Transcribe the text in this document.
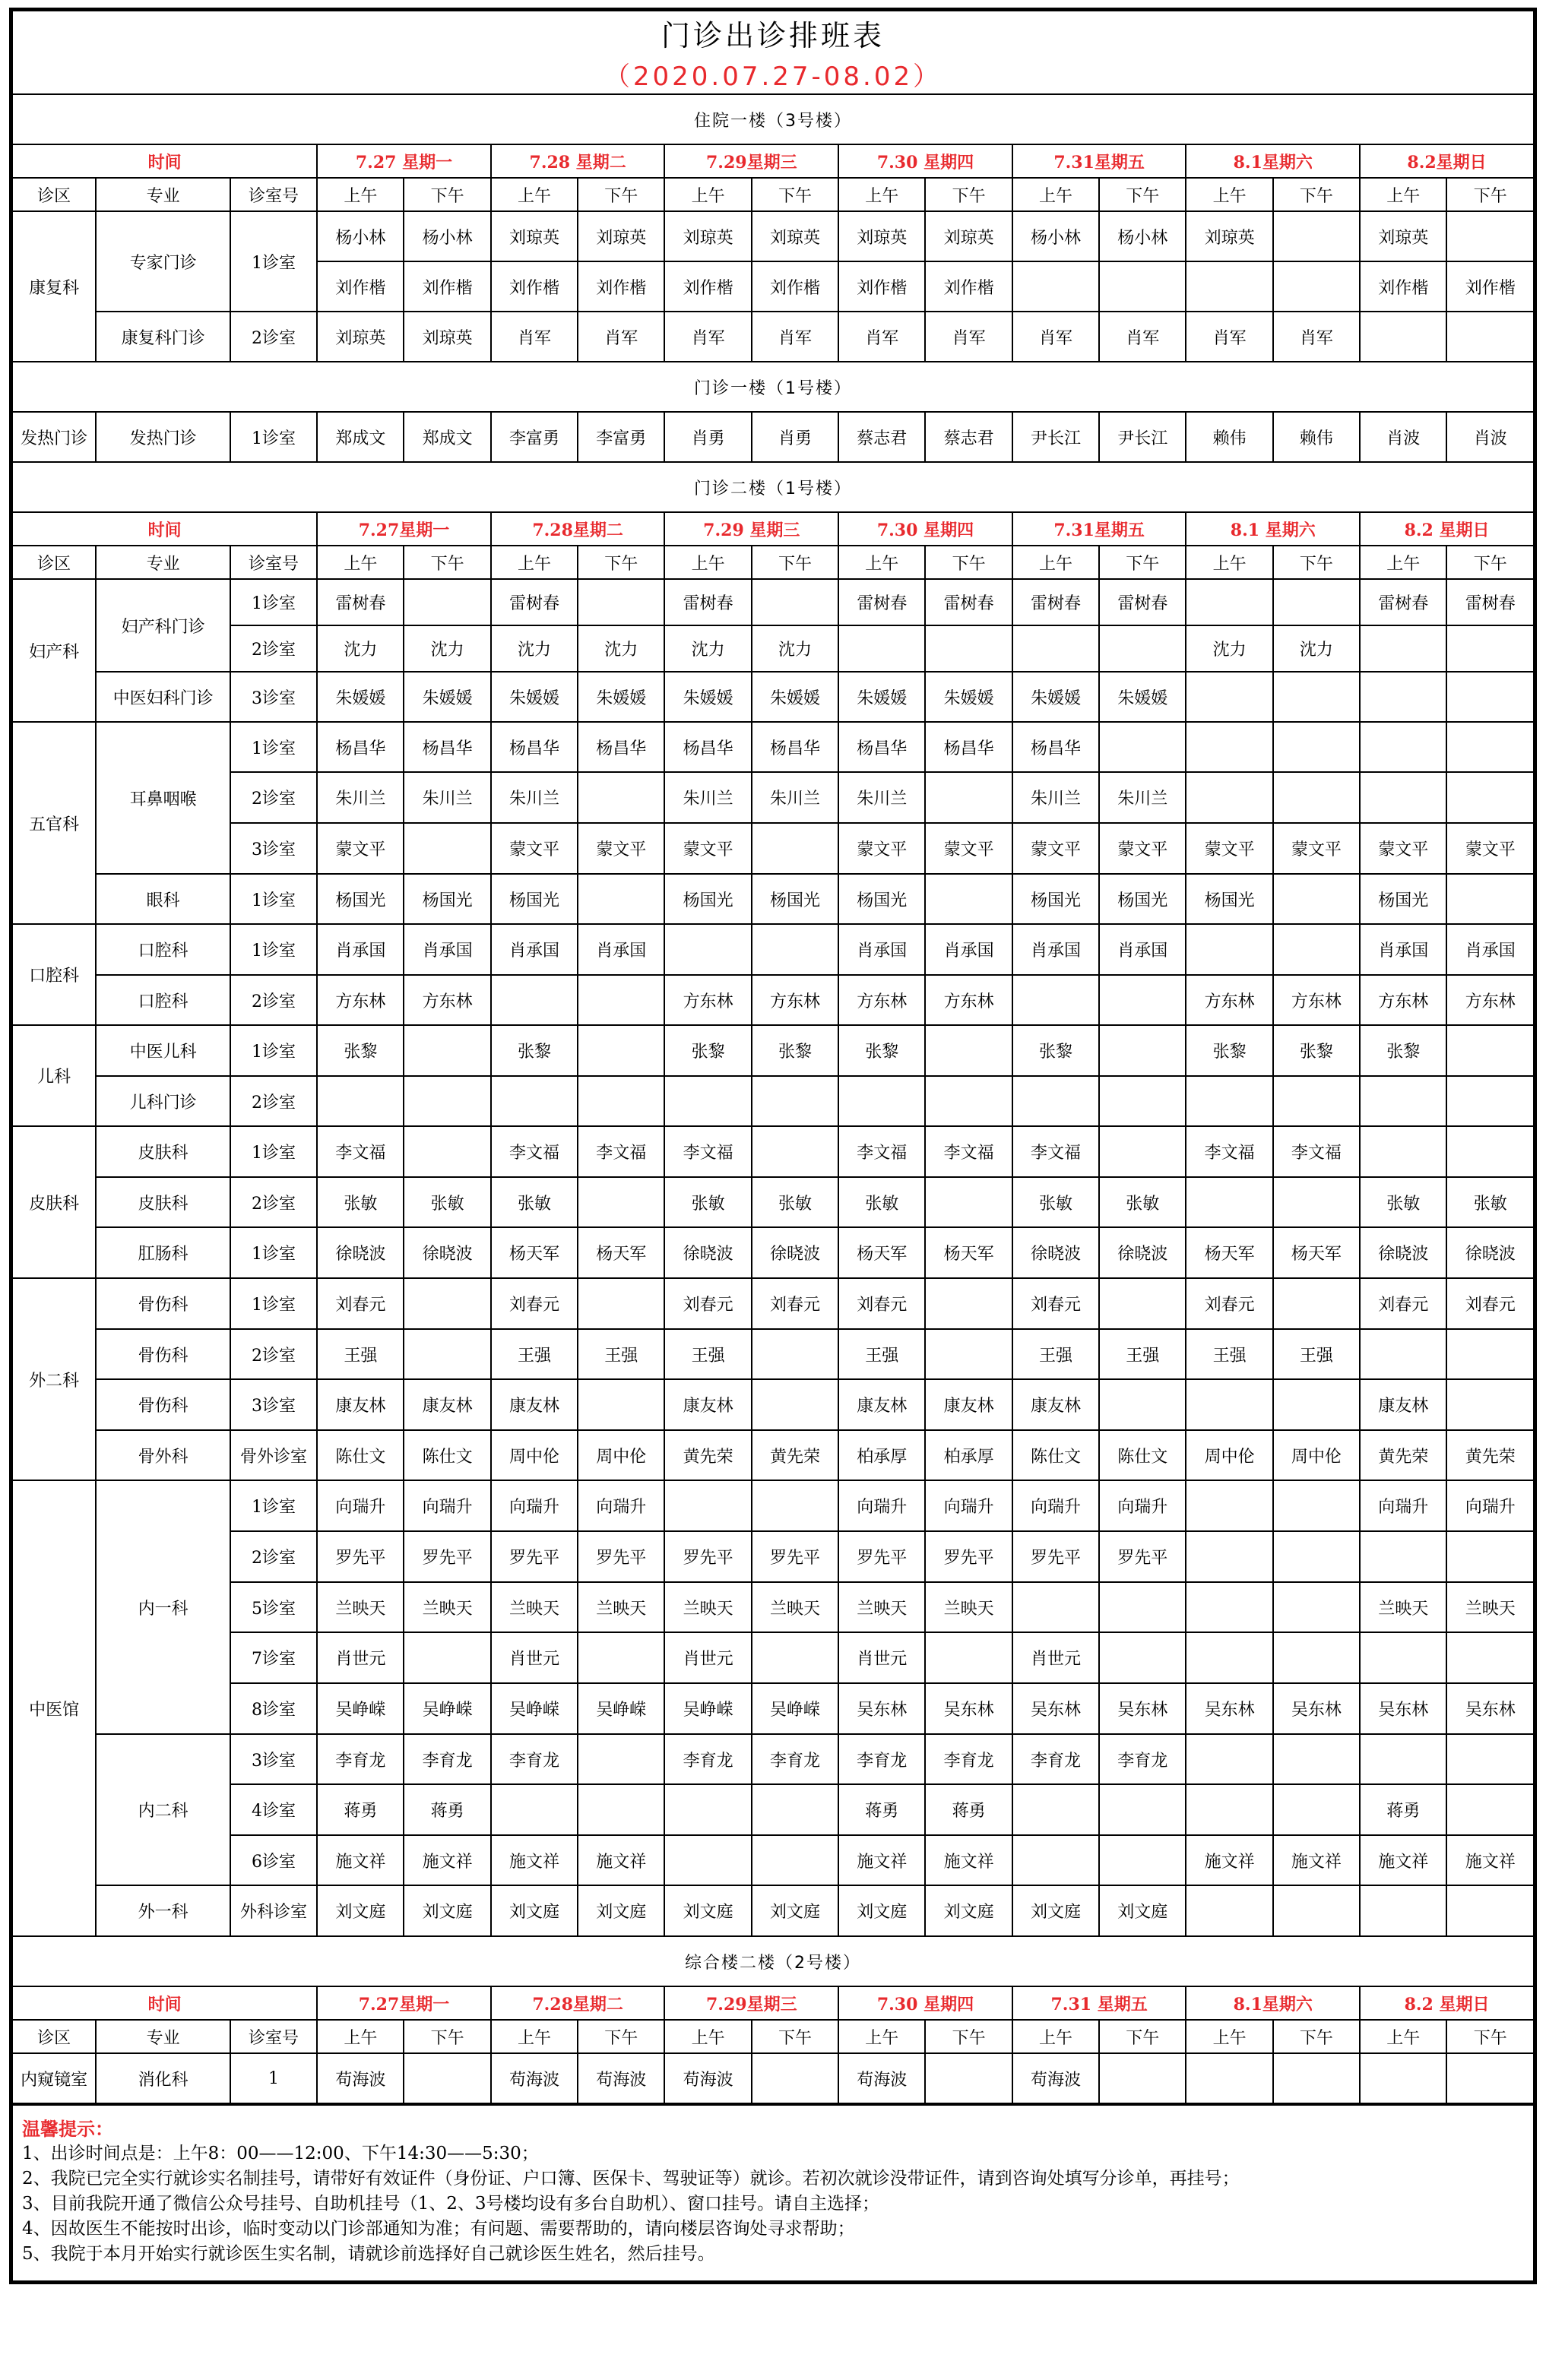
门诊出诊排班表																
（2020.07.27-08.02）																
住院一楼（3号楼）																
时间			7.27 星期一		7.28 星期二		7.29星期三		7.30 星期四		7.31星期五		8.1星期六		8.2星期日	
诊区	专业	诊室号	上午	下午	上午	下午	上午	下午	上午	下午	上午	下午	上午	下午	上午	下午
康复科	专家门诊	1诊室	杨小林	杨小林	刘琼英	刘琼英	刘琼英	刘琼英	刘琼英	刘琼英	杨小林	杨小林	刘琼英		刘琼英	
			刘作楷	刘作楷	刘作楷	刘作楷	刘作楷	刘作楷	刘作楷	刘作楷					刘作楷	刘作楷
	康复科门诊	2诊室	刘琼英	刘琼英	肖军	肖军	肖军	肖军	肖军	肖军	肖军	肖军	肖军	肖军		
门诊一楼（1号楼）																
发热门诊	发热门诊	1诊室	郑成文	郑成文	李富勇	李富勇	肖勇	肖勇	蔡志君	蔡志君	尹长江	尹长江	赖伟	赖伟	肖波	肖波
门诊二楼（1号楼）																
时间			7.27星期一		7.28星期二		7.29 星期三		7.30 星期四		7.31星期五		8.1 星期六		8.2 星期日	
诊区	专业	诊室号	上午	下午	上午	下午	上午	下午	上午	下午	上午	下午	上午	下午	上午	下午
妇产科	妇产科门诊	1诊室	雷树春		雷树春		雷树春		雷树春	雷树春	雷树春	雷树春			雷树春	雷树春
		2诊室	沈力	沈力	沈力	沈力	沈力	沈力					沈力	沈力		
	中医妇科门诊	3诊室	朱媛媛	朱媛媛	朱媛媛	朱媛媛	朱媛媛	朱媛媛	朱媛媛	朱媛媛	朱媛媛	朱媛媛				
五官科	耳鼻咽喉	1诊室	杨昌华	杨昌华	杨昌华	杨昌华	杨昌华	杨昌华	杨昌华	杨昌华	杨昌华					
		2诊室	朱川兰	朱川兰	朱川兰		朱川兰	朱川兰	朱川兰		朱川兰	朱川兰				
		3诊室	蒙文平		蒙文平	蒙文平	蒙文平		蒙文平	蒙文平	蒙文平	蒙文平	蒙文平	蒙文平	蒙文平	蒙文平
	眼科	1诊室	杨国光	杨国光	杨国光		杨国光	杨国光	杨国光		杨国光	杨国光	杨国光		杨国光	
口腔科	口腔科	1诊室	肖承国	肖承国	肖承国	肖承国			肖承国	肖承国	肖承国	肖承国			肖承国	肖承国
	口腔科	2诊室	方东林	方东林			方东林	方东林	方东林	方东林			方东林	方东林	方东林	方东林
儿科	中医儿科	1诊室	张黎		张黎		张黎	张黎	张黎		张黎		张黎	张黎	张黎	
	儿科门诊	2诊室														
皮肤科	皮肤科	1诊室	李文福		李文福	李文福	李文福		李文福	李文福	李文福		李文福	李文福		
	皮肤科	2诊室	张敏	张敏	张敏		张敏	张敏	张敏		张敏	张敏			张敏	张敏
	肛肠科	1诊室	徐晓波	徐晓波	杨天军	杨天军	徐晓波	徐晓波	杨天军	杨天军	徐晓波	徐晓波	杨天军	杨天军	徐晓波	徐晓波
外二科	骨伤科	1诊室	刘春元		刘春元		刘春元	刘春元	刘春元		刘春元		刘春元		刘春元	刘春元
	骨伤科	2诊室	王强		王强	王强	王强		王强		王强	王强	王强	王强		
	骨伤科	3诊室	康友林	康友林	康友林		康友林		康友林	康友林	康友林				康友林	
	骨外科	骨外诊室	陈仕文	陈仕文	周中伦	周中伦	黄先荣	黄先荣	柏承厚	柏承厚	陈仕文	陈仕文	周中伦	周中伦	黄先荣	黄先荣
中医馆	内一科	1诊室	向瑞升	向瑞升	向瑞升	向瑞升			向瑞升	向瑞升	向瑞升	向瑞升			向瑞升	向瑞升
		2诊室	罗先平	罗先平	罗先平	罗先平	罗先平	罗先平	罗先平	罗先平	罗先平	罗先平				
		5诊室	兰映天	兰映天	兰映天	兰映天	兰映天	兰映天	兰映天	兰映天					兰映天	兰映天
		7诊室	肖世元		肖世元		肖世元		肖世元		肖世元					
		8诊室	吴峥嵘	吴峥嵘	吴峥嵘	吴峥嵘	吴峥嵘	吴峥嵘	吴东林	吴东林	吴东林	吴东林	吴东林	吴东林	吴东林	吴东林
	内二科	3诊室	李育龙	李育龙	李育龙		李育龙	李育龙	李育龙	李育龙	李育龙	李育龙				
		4诊室	蒋勇	蒋勇					蒋勇	蒋勇					蒋勇	
		6诊室	施文祥	施文祥	施文祥	施文祥			施文祥	施文祥			施文祥	施文祥	施文祥	施文祥
	外一科	外科诊室	刘文庭	刘文庭	刘文庭	刘文庭	刘文庭	刘文庭	刘文庭	刘文庭	刘文庭	刘文庭				
综合楼二楼（2号楼）																
时间			7.27星期一		7.28星期二		7.29星期三		7.30 星期四		7.31 星期五		8.1星期六		8.2 星期日	
诊区	专业	诊室号	上午	下午	上午	下午	上午	下午	上午	下午	上午	下午	上午	下午	上午	下午
内窥镜室	消化科	1	苟海波		苟海波	苟海波	苟海波		苟海波		苟海波					
温馨提示：
1、出诊时间点是：上午8：00——12:00、下午14:30——5:30；
2、我院已完全实行就诊实名制挂号，请带好有效证件（身份证、户口簿、医保卡、驾驶证等）就诊。若初次就诊没带证件，请到咨询处填写分诊单，再挂号；
3、目前我院开通了微信公众号挂号、自助机挂号（1、2、3号楼均设有多台自助机）、窗口挂号。请自主选择；
4、因故医生不能按时出诊，临时变动以门诊部通知为准；有问题、需要帮助的，请向楼层咨询处寻求帮助；
5、我院于本月开始实行就诊医生实名制，请就诊前选择好自己就诊医生姓名，然后挂号。
